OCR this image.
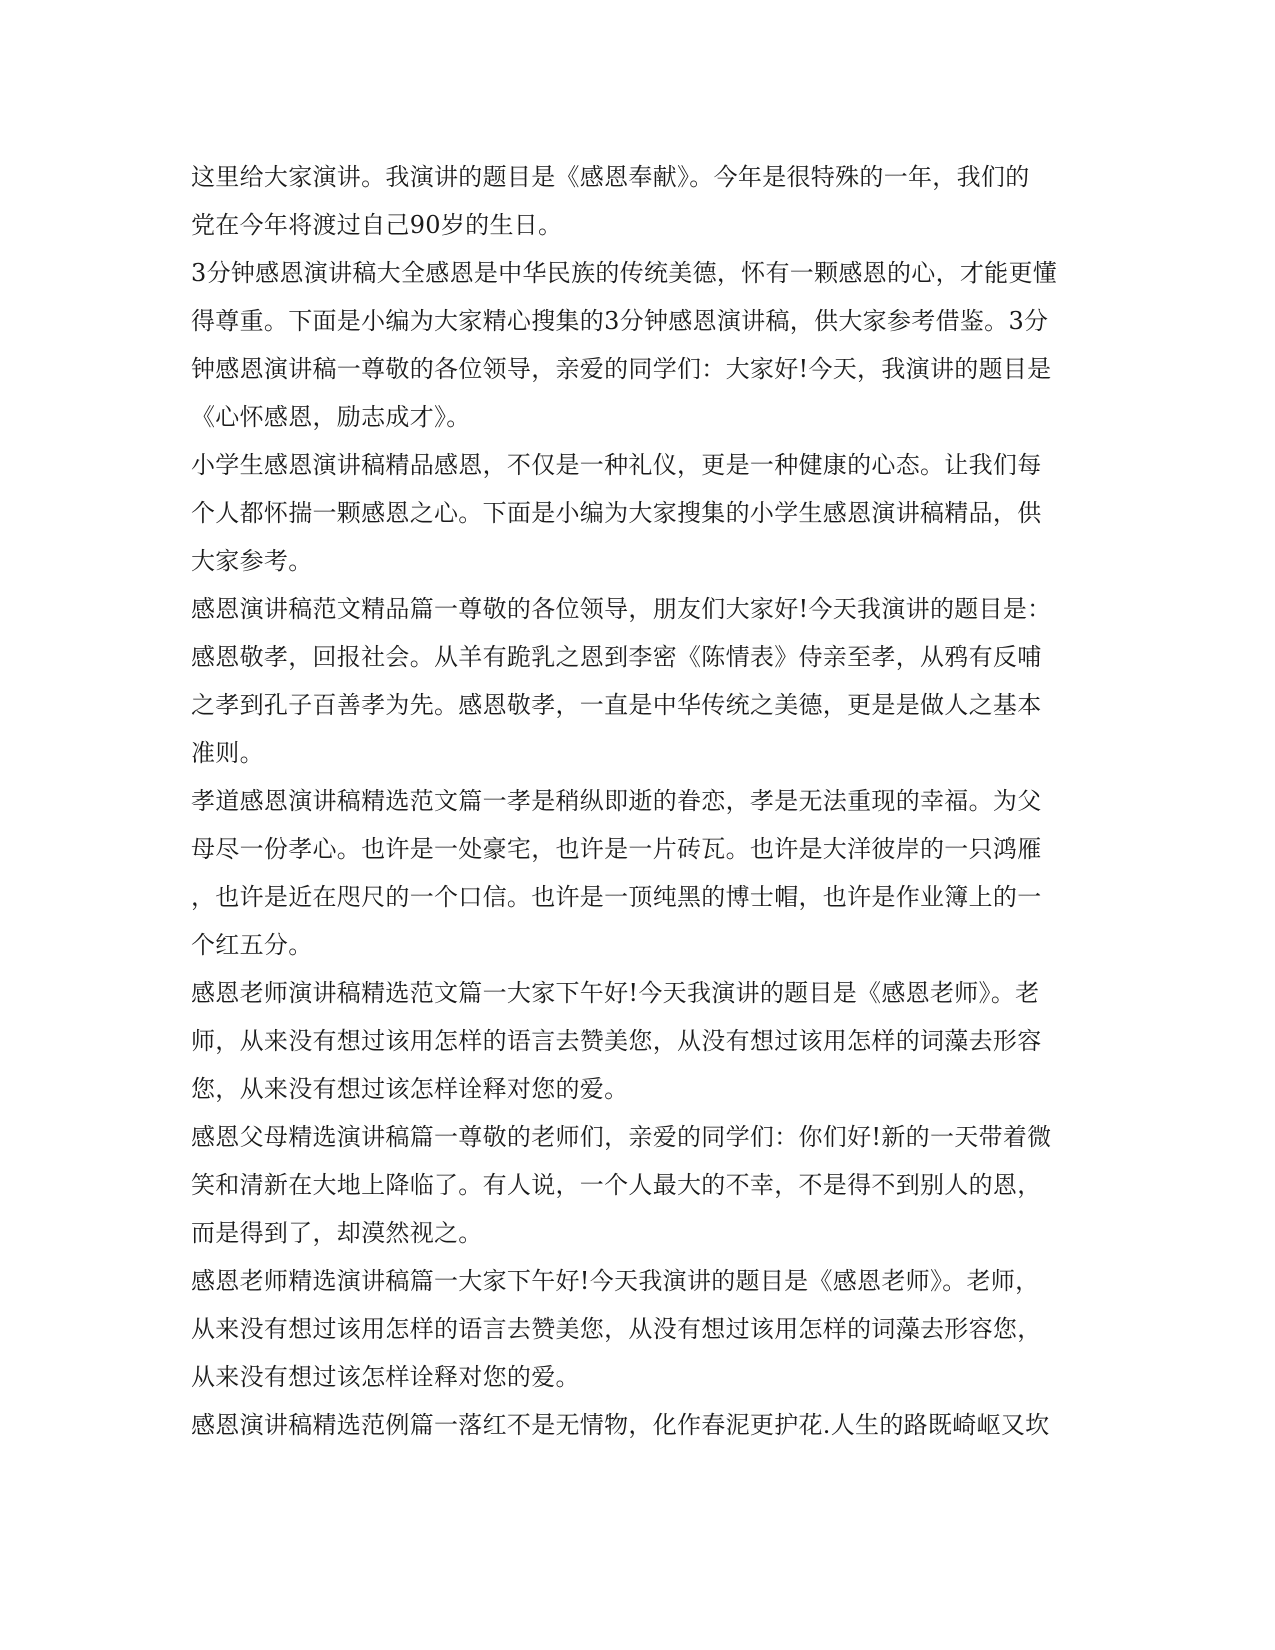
这里给大家演讲。我演讲的题目是《感恩奉献》。今年是很特殊的一年，我们的
党在今年将渡过自己90岁的生日。
3分钟感恩演讲稿大全感恩是中华民族的传统美德，怀有一颗感恩的心，才能更懂
得尊重。下面是小编为大家精心搜集的3分钟感恩演讲稿，供大家参考借鉴。3分
钟感恩演讲稿一尊敬的各位领导，亲爱的同学们：大家好!今天，我演讲的题目是
《心怀感恩，励志成才》。
小学生感恩演讲稿精品感恩，不仅是一种礼仪，更是一种健康的心态。让我们每
个人都怀揣一颗感恩之心。下面是小编为大家搜集的小学生感恩演讲稿精品，供
大家参考。
感恩演讲稿范文精品篇一尊敬的各位领导，朋友们大家好!今天我演讲的题目是：
感恩敬孝，回报社会。从羊有跪乳之恩到李密《陈情表》侍亲至孝，从鸦有反哺
之孝到孔子百善孝为先。感恩敬孝，一直是中华传统之美德，更是是做人之基本
准则。
孝道感恩演讲稿精选范文篇一孝是稍纵即逝的眷恋，孝是无法重现的幸福。为父
母尽一份孝心。也许是一处豪宅，也许是一片砖瓦。也许是大洋彼岸的一只鸿雁
，也许是近在咫尺的一个口信。也许是一顶纯黑的博士帽，也许是作业簿上的一
个红五分。
感恩老师演讲稿精选范文篇一大家下午好!今天我演讲的题目是《感恩老师》。老
师，从来没有想过该用怎样的语言去赞美您，从没有想过该用怎样的词藻去形容
您，从来没有想过该怎样诠释对您的爱。
感恩父母精选演讲稿篇一尊敬的老师们，亲爱的同学们：你们好!新的一天带着微
笑和清新在大地上降临了。有人说，一个人最大的不幸，不是得不到别人的恩，
而是得到了，却漠然视之。
感恩老师精选演讲稿篇一大家下午好!今天我演讲的题目是《感恩老师》。老师，
从来没有想过该用怎样的语言去赞美您，从没有想过该用怎样的词藻去形容您，
从来没有想过该怎样诠释对您的爱。
感恩演讲稿精选范例篇一落红不是无情物，化作春泥更护花.人生的路既崎岖又坎
